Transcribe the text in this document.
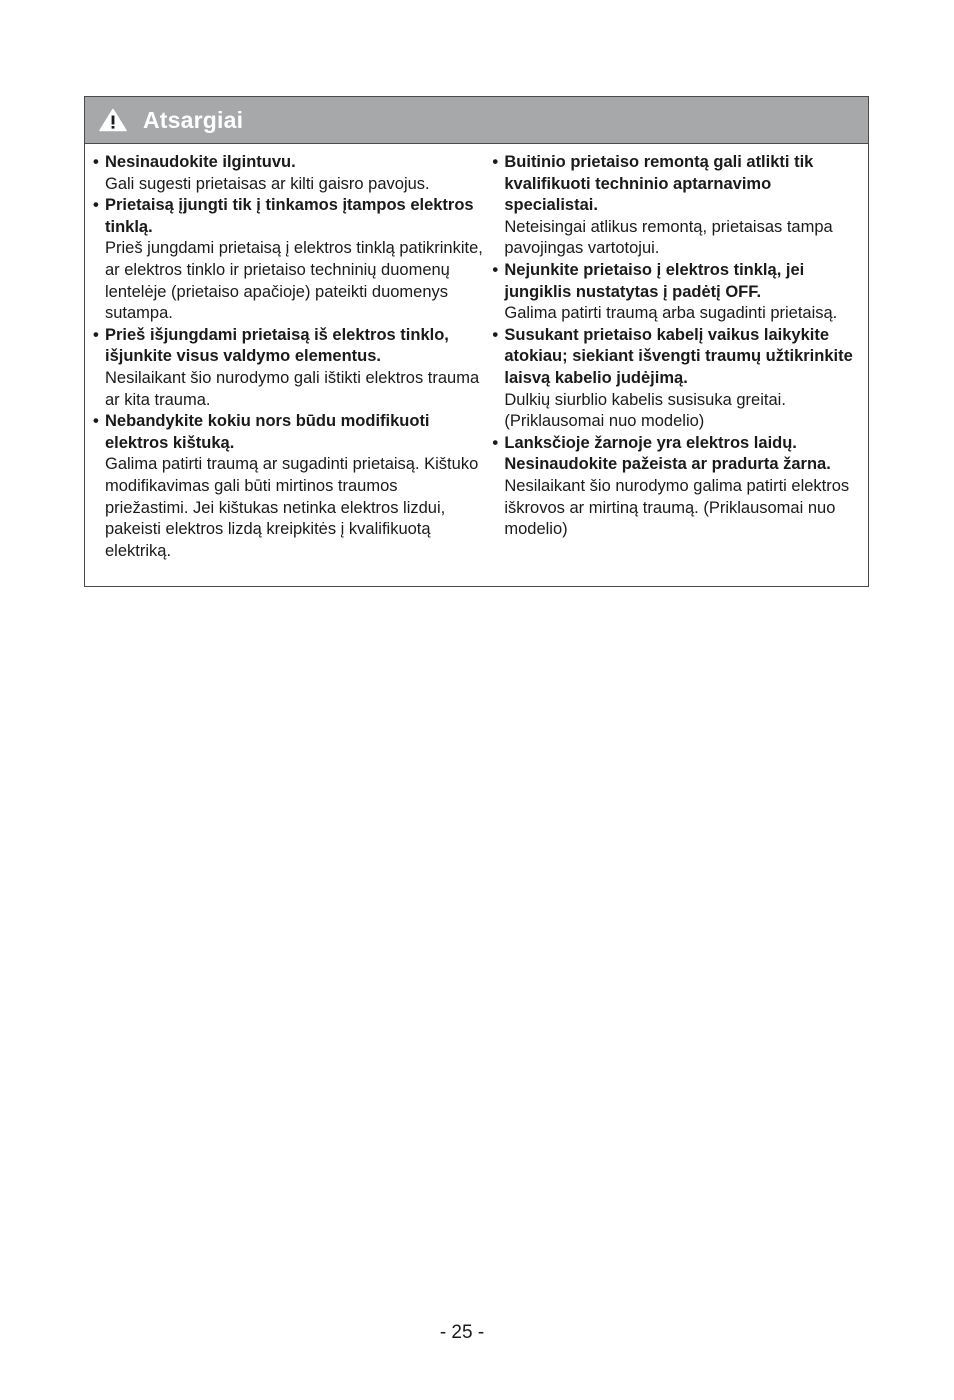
Atsargiai
• Nesinaudokite ilgintuvu.
Gali sugesti prietaisas ar kilti gaisro pavojus.
• Prietaisą įjungti tik į tinkamos įtampos elektros tinklą.
Prieš jungdami prietaisą į elektros tinklą patikrinkite, ar elektros tinklo ir prietaiso techninių duomenų lentelėje (prietaiso apačioje) pateikti duomenys sutampa.
• Prieš išjungdami prietaisą iš elektros tinklo, išjunkite visus valdymo elementus.
Nesilaikant šio nurodymo gali ištikti elektros trauma ar kita trauma.
• Nebandykite kokiu nors būdu modifikuoti elektros kištuką.
Galima patirti traumą ar sugadinti prietaisą. Kištuko modifikavimas gali būti mirtinos traumos priežastimi. Jei kištukas netinka elektros lizdui, pakeisti elektros lizdą kreipkitės į kvalifikuotą elektriką.
• Buitinio prietaiso remontą gali atlikti tik kvalifikuoti techninio aptarnavimo specialistai.
Neteisingai atlikus remontą, prietaisas tampa pavojingas vartotojui.
• Nejunkite prietaiso į elektros tinklą, jei jungiklis nustatytas į padėtį OFF.
Galima patirti traumą arba sugadinti prietaisą.
• Susukant prietaiso kabelį vaikus laikykite atokiau; siekiant išvengti traumų užtikrinkite laisvą kabelio judėjimą.
Dulkių siurblio kabelis susisuka greitai. (Priklausomai nuo modelio)
• Lanksčioje žarnoje yra elektros laidų. Nesinaudokite pažeista ar pradurta žarna.
Nesilaikant šio nurodymo galima patirti elektros iškrovos ar mirtiną traumą. (Priklausomai nuo modelio)
- 25 -
